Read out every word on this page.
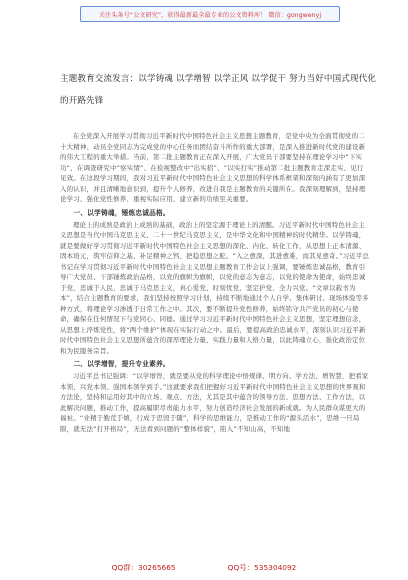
关注头条号“公文研究”，获得最新最全最专业的公文资料库！ 微信：gongwenyj
主题教育交流发言：以学铸魂 以学增智 以学正风 以学促干 努力当好中国式现代化的开路先锋

在全党深入开展学习贯彻习近平新时代中国特色社会主义思想主题教育，是党中央为全面贯彻党的二十大精神、动员全党同志为完成党的中心任务而团结奋斗所作的重大部署，是深入推进新时代党的建设新的伟大工程的重大举措。当前，第二批主题教育正在深入开展，广大党员干部要坚持在理论学习中“下实功”、在调查研究中“察实情”、在检视整改中“出实招”、“以实打实”推动第二批主题教育走深走实、见行见效。在这段学习期间，我对习近平新时代中国特色社会主义思想的科学体系框架和深刻内涵有了更加深入的认识，并且清晰地意识到，提升个人修养，改进自我是主题教育的关键所在。我深刻理解到，坚持理论学习、强化党性修养、重视实际应用、建立新的功绩至关重要。

一、以学铸魂，锤炼忠诚品格。

理论上的成熟是政治上成熟的基础，政治上的坚定源于理论上的清醒。习近平新时代中国特色社会主义思想是当代中国马克思主义、二十一世纪马克思主义，是中华文化和中国精神的时代精华。以学铸魂，就是要做好学习贯彻习近平新时代中国特色社会主义思想的深化、内化、转化工作，从思想上正本清源、固本培元，筑牢信仰之基、补足精神之钙、把稳思想之舵。“入之愈深，其进愈难，而其见愈奇。”习近平总书记在学习贯彻习近平新时代中国特色社会主义思想主题教育工作会议上强调，要锤炼忠诚品格，教育引导广大党员、干部锤炼政治品格，以党的旗帜为旗帜，以党的意志为意志，以党的使命为使命，始终忠诚于党、忠诚于人民，忠诚于马克思主义，真心爱党、时刻忧党、坚定护党、全力兴党。“文章以载书为本”，结合主题教育的要求，我们坚持按照学习计划，持续不断地通过个人自学、集体研讨、现场体验等多种方式，将理论学习渗透于日常工作之中。其次，要不断提升党性修养，始终铭守共产党员的初心与使命，确保在任何情况下与党同心、同德。通过学习习近平新时代中国特色社会主义思想，坚定理想信念，从思想上淬炼党性，将“两个维护”体现在实际行动之中。最后，要提高政治忠诚水平，深刻认识习近平新时代中国特色社会主义思想所蕴含的深厚理论力量、实践力量和人格力量，以此铸魂立心，强化政治定位和为民服务宗旨。

二、以学增智，提升专业素养。

习近平总书记强调：“以学增智，就是要从党的科学理论中悟规律、明方向、学方法、增智慧，把看家本领、兴党本领、强国本领学到手。”这就要求我们把握好习近平新时代中国特色社会主义思想的世界观和方法论，坚持和运用好其中的立场、观点、方法，尤其是其中蕴含的领导方法、思想方法、工作方法，以此解决问题，推动工作，提高履职尽责能力水平，努力创造经济社会发展的新成就。为人民群众谋更大的福祉。“业精于勤荒于嬉，行成于思毁于随”，科学的思维能力，是推动工作的“源头活水”，思维一旦局限，就无法“打开格局”，无法看到问题的“整体样貌”，陷入“不知山高，不知地

QQ群：30265665	QQ号：535304092
